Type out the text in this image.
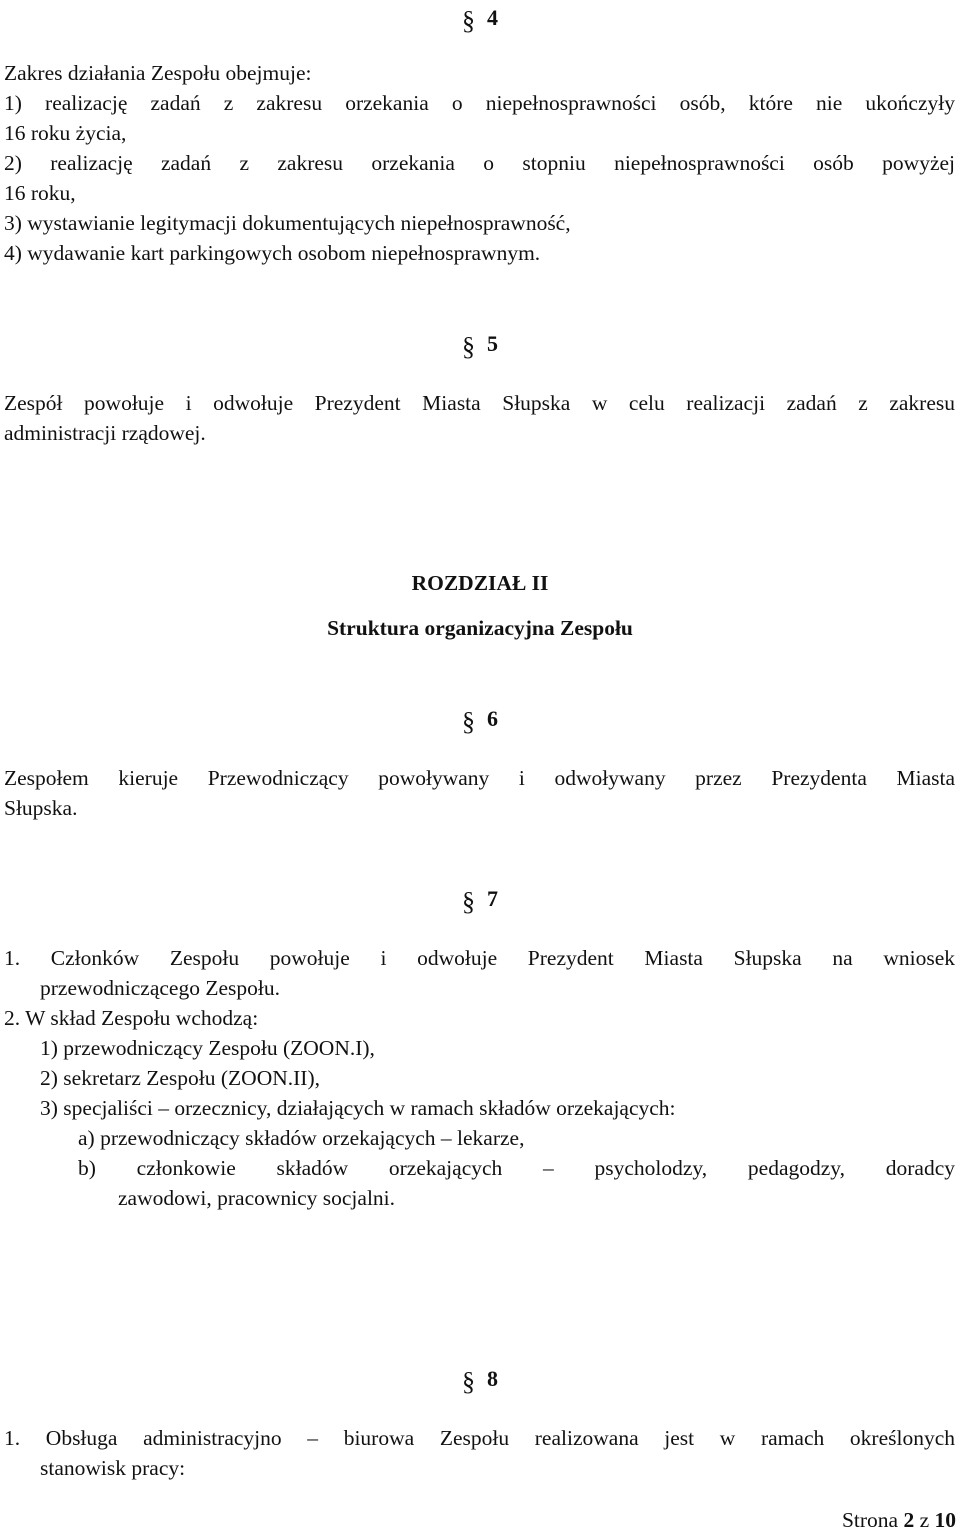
§ 4
Zakres działania Zespołu obejmuje:
1) realizację zadań z zakresu orzekania o niepełnosprawności osób, które nie ukończyły
16 roku życia,
2) realizację zadań z zakresu orzekania o stopniu niepełnosprawności osób powyżej
16 roku,
3) wystawianie legitymacji dokumentujących niepełnosprawność,
4) wydawanie kart parkingowych osobom niepełnosprawnym.
§ 5
Zespół powołuje i odwołuje Prezydent Miasta Słupska w celu realizacji zadań z zakresu
administracji rządowej.
ROZDZIAŁ II
Struktura organizacyjna Zespołu
§ 6
Zespołem kieruje Przewodniczący powoływany i odwoływany przez Prezydenta Miasta
Słupska.
§ 7
1. Członków Zespołu powołuje i odwołuje Prezydent Miasta Słupska na wniosek
przewodniczącego Zespołu.
2. W skład Zespołu wchodzą:
1) przewodniczący Zespołu (ZOON.I),
2) sekretarz Zespołu (ZOON.II),
3) specjaliści – orzecznicy, działających w ramach składów orzekających:
a) przewodniczący składów orzekających – lekarze,
b) członkowie składów orzekających – psycholodzy, pedagodzy, doradcy
zawodowi, pracownicy socjalni.
§ 8
1. Obsługa administracyjno – biurowa Zespołu realizowana jest w ramach określonych
stanowisk pracy:
Strona 2 z 10
